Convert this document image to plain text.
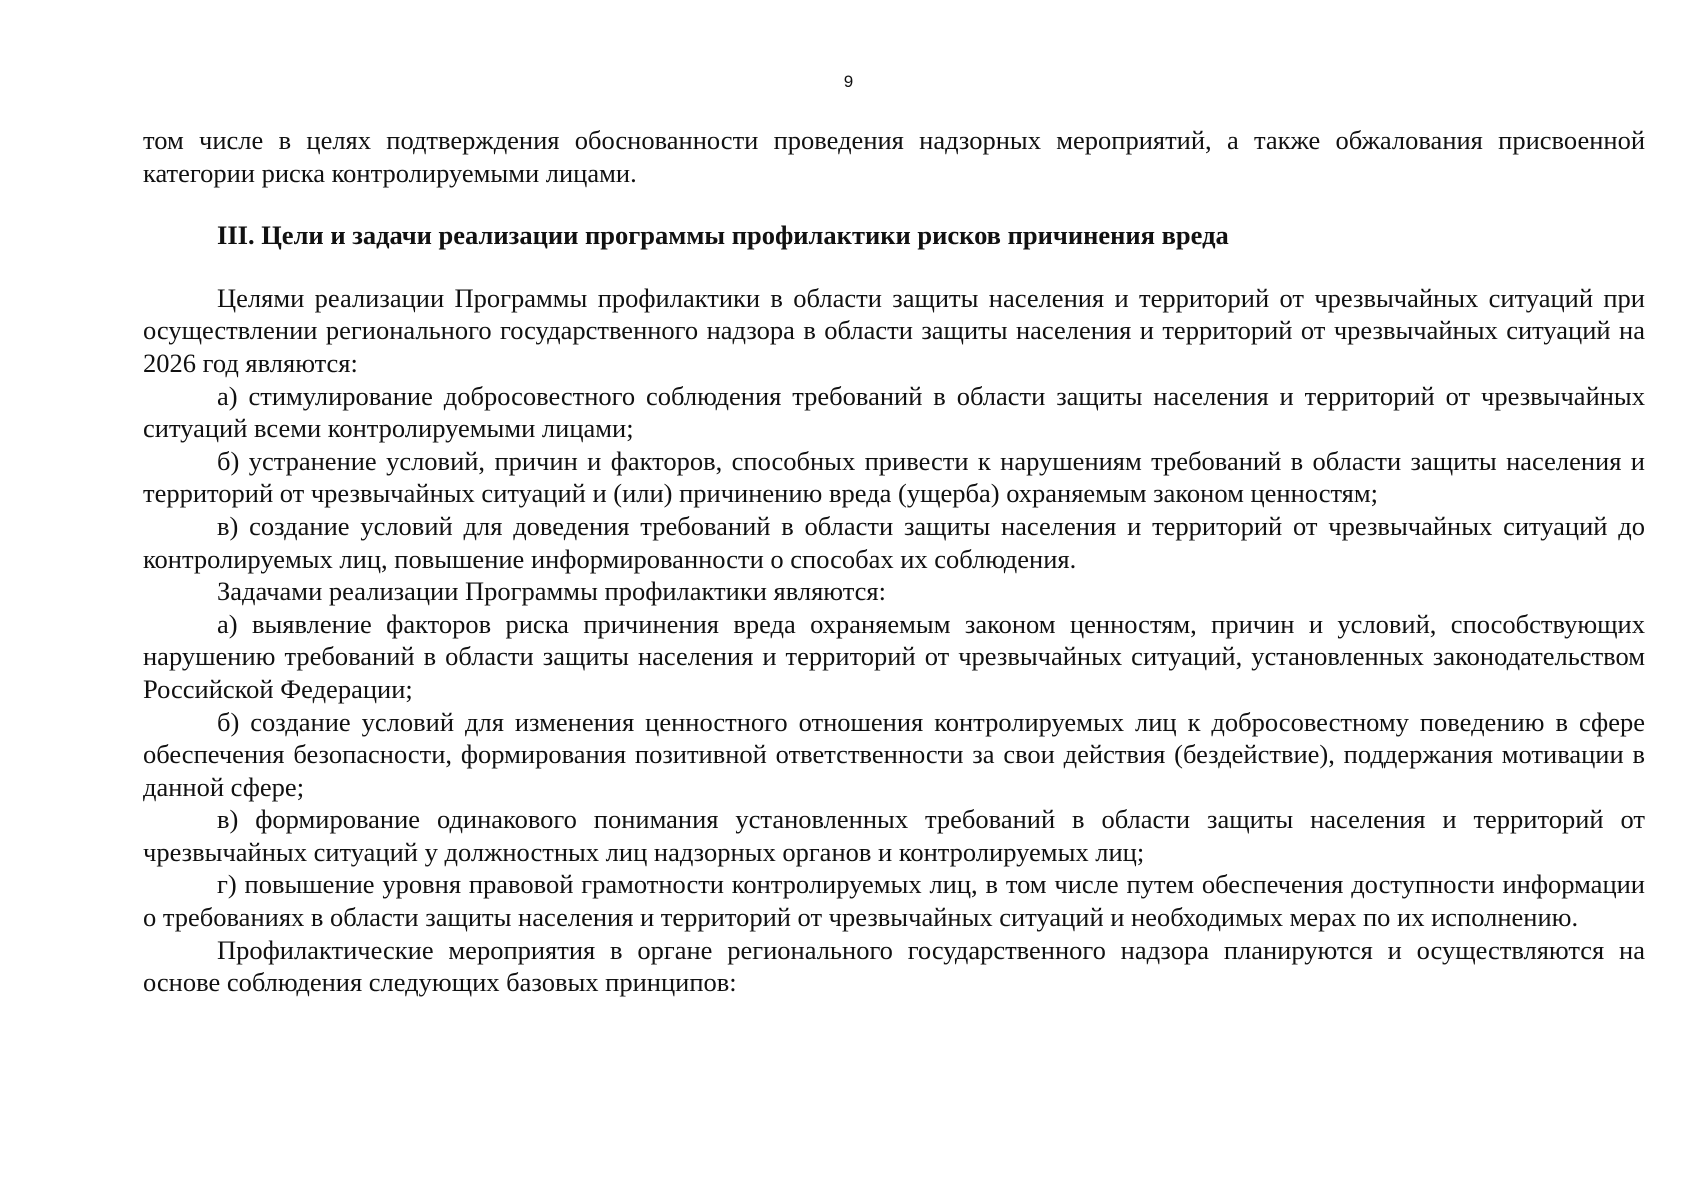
9

том числе в целях подтверждения обоснованности проведения надзорных мероприятий, а также обжалования присвоенной категории риска контролируемыми лицами.

III. Цели и задачи реализации программы профилактики рисков причинения вреда

Целями реализации Программы профилактики в области защиты населения и территорий от чрезвычайных ситуаций при осуществлении регионального государственного надзора в области защиты населения и территорий от чрезвычайных ситуаций на 2026 год являются:

а) стимулирование добросовестного соблюдения требований в области защиты населения и территорий от чрезвычайных ситуаций всеми контролируемыми лицами;

б) устранение условий, причин и факторов, способных привести к нарушениям требований в области защиты населения и территорий от чрезвычайных ситуаций и (или) причинению вреда (ущерба) охраняемым законом ценностям;

в) создание условий для доведения требований в области защиты населения и территорий от чрезвычайных ситуаций до контролируемых лиц, повышение информированности о способах их соблюдения.

Задачами реализации Программы профилактики являются:

а) выявление факторов риска причинения вреда охраняемым законом ценностям, причин и условий, способствующих нарушению требований в области защиты населения и территорий от чрезвычайных ситуаций, установленных законодательством Российской Федерации;

б) создание условий для изменения ценностного отношения контролируемых лиц к добросовестному поведению в сфере обеспечения безопасности, формирования позитивной ответственности за свои действия (бездействие), поддержания мотивации в данной сфере;

в) формирование одинакового понимания установленных требований в области защиты населения и территорий от чрезвычайных ситуаций у должностных лиц надзорных органов и контролируемых лиц;

г) повышение уровня правовой грамотности контролируемых лиц, в том числе путем обеспечения доступности информации о требованиях в области защиты населения и территорий от чрезвычайных ситуаций и необходимых мерах по их исполнению.

Профилактические мероприятия в органе регионального государственного надзора планируются и осуществляются на основе соблюдения следующих базовых принципов:
